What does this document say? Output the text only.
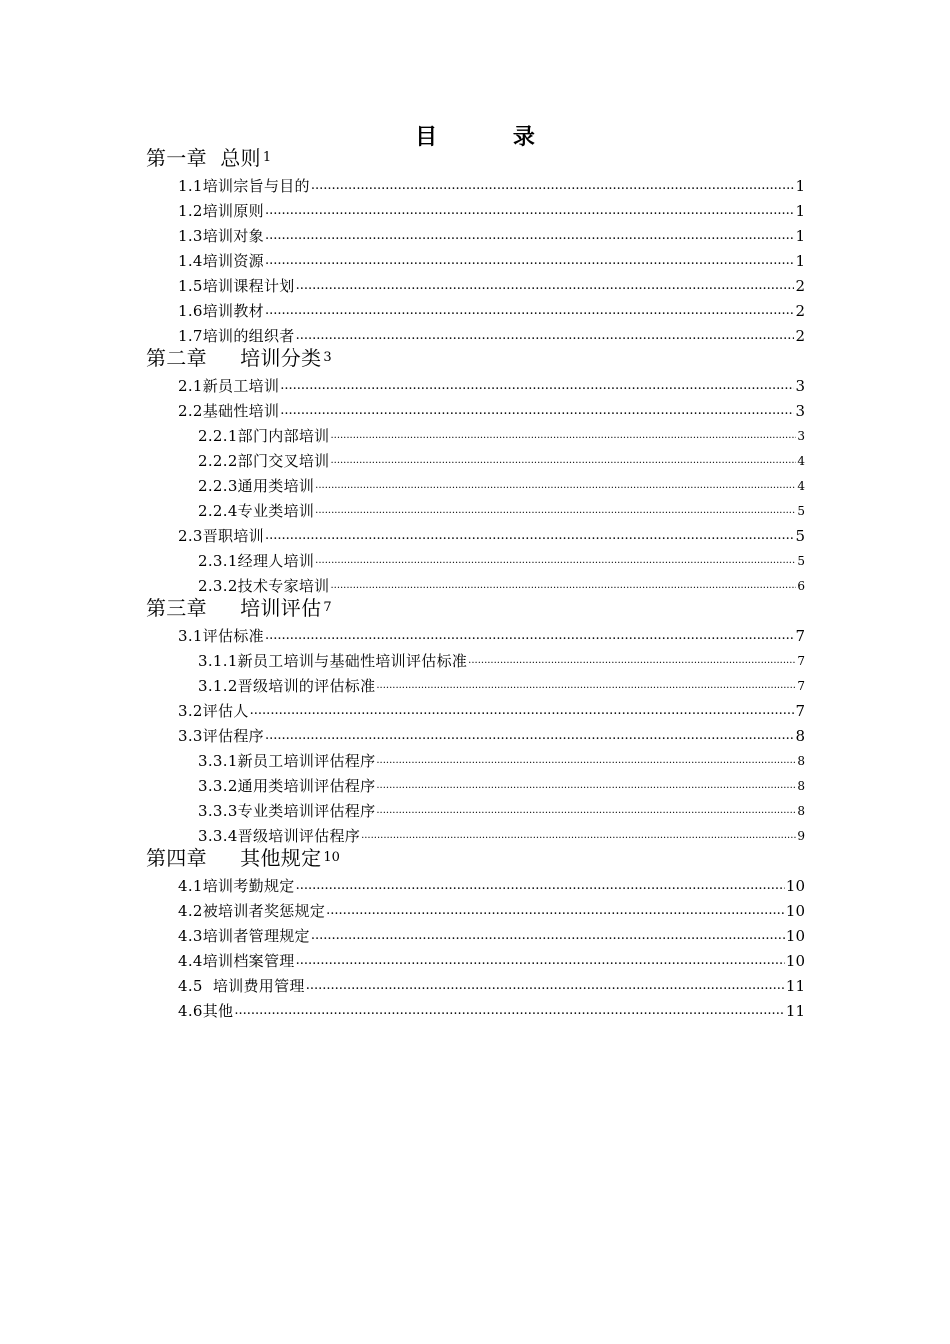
目 录
第一章  总则 1
1.1培训宗旨与目的 .....	1
1.2培训原则 .....	1
1.3培训对象 .....	1
1.4培训资源 .....	1
1.5培训课程计划 .....	2
1.6培训教材 .....	2
1.7培训的组织者 .....	2
第二章     培训分类 3
2.1新员工培训 .....	3
2.2基础性培训 .....	3
2.2.1部门内部培训 .....	3
2.2.2部门交叉培训 .....	4
2.2.3通用类培训 .....	4
2.2.4专业类培训 .....	5
2.3晋职培训 .....	5
2.3.1经理人培训 .....	5
2.3.2技术专家培训 .....	6
第三章     培训评估 7
3.1评估标准 .....	7
3.1.1新员工培训与基础性培训评估标准 .....	7
3.1.2晋级培训的评估标准 .....	7
3.2评估人 .....	7
3.3评估程序 .....	8
3.3.1新员工培训评估程序 .....	8
3.3.2通用类培训评估程序 .....	8
3.3.3专业类培训评估程序 .....	8
3.3.4晋级培训评估程序 .....	9
第四章     其他规定 10
4.1培训考勤规定 .....	10
4.2被培训者奖惩规定 .....	10
4.3培训者管理规定 .....	10
4.4培训档案管理 .....	10
4.5  培训费用管理 .....	11
4.6其他 .....	11
